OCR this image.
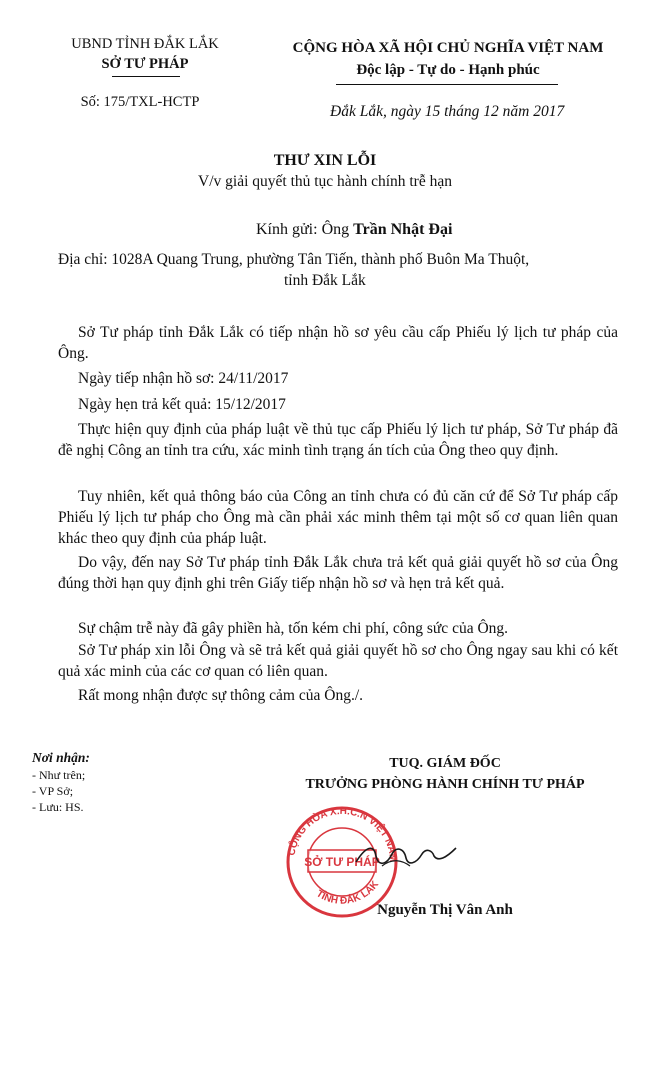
UBND TỈNH ĐẮK LẮK
SỞ TƯ PHÁP
Số: 175/TXL-HCTP
CỘNG HÒA XÃ HỘI CHỦ NGHĨA VIỆT NAM
Độc lập - Tự do - Hạnh phúc
Đắk Lắk, ngày 15 tháng 12 năm 2017
THƯ XIN LỖI
V/v giải quyết thủ tục hành chính trễ hạn
Kính gửi: Ông Trần Nhật Đại
Địa chỉ: 1028A Quang Trung, phường Tân Tiến, thành phố Buôn Ma Thuột,
tỉnh Đắk Lắk
Sở Tư pháp tỉnh Đắk Lắk có tiếp nhận hồ sơ yêu cầu cấp Phiếu lý lịch tư pháp của Ông.
Ngày tiếp nhận hồ sơ: 24/11/2017
Ngày hẹn trả kết quả: 15/12/2017
Thực hiện quy định của pháp luật về thủ tục cấp Phiếu lý lịch tư pháp, Sở Tư pháp đã đề nghị Công an tỉnh tra cứu, xác minh tình trạng án tích của Ông theo quy định.
Tuy nhiên, kết quả thông báo của Công an tỉnh chưa có đủ căn cứ để Sở Tư pháp cấp Phiếu lý lịch tư pháp cho Ông mà cần phải xác minh thêm tại một số cơ quan liên quan khác theo quy định của pháp luật.
Do vậy, đến nay Sở Tư pháp tỉnh Đắk Lắk chưa trả kết quả giải quyết hồ sơ của Ông đúng thời hạn quy định ghi trên Giấy tiếp nhận hồ sơ và hẹn trả kết quả.
Sự chậm trễ này đã gây phiền hà, tốn kém chi phí, công sức của Ông.
Sở Tư pháp xin lỗi Ông và sẽ trả kết quả giải quyết hồ sơ cho Ông ngay sau khi có kết quả xác minh của các cơ quan có liên quan.
Rất mong nhận được sự thông cảm của Ông./.
Nơi nhận:
- Như trên;
- VP Sở;
- Lưu: HS.
TUQ. GIÁM ĐỐC
TRƯỞNG PHÒNG HÀNH CHÍNH TƯ PHÁP
CỘNG HÒA X.H.C.N VIỆT NAM
TỈNH ĐẮK LẮK
SỞ TƯ PHÁP
Nguyễn Thị Vân Anh
